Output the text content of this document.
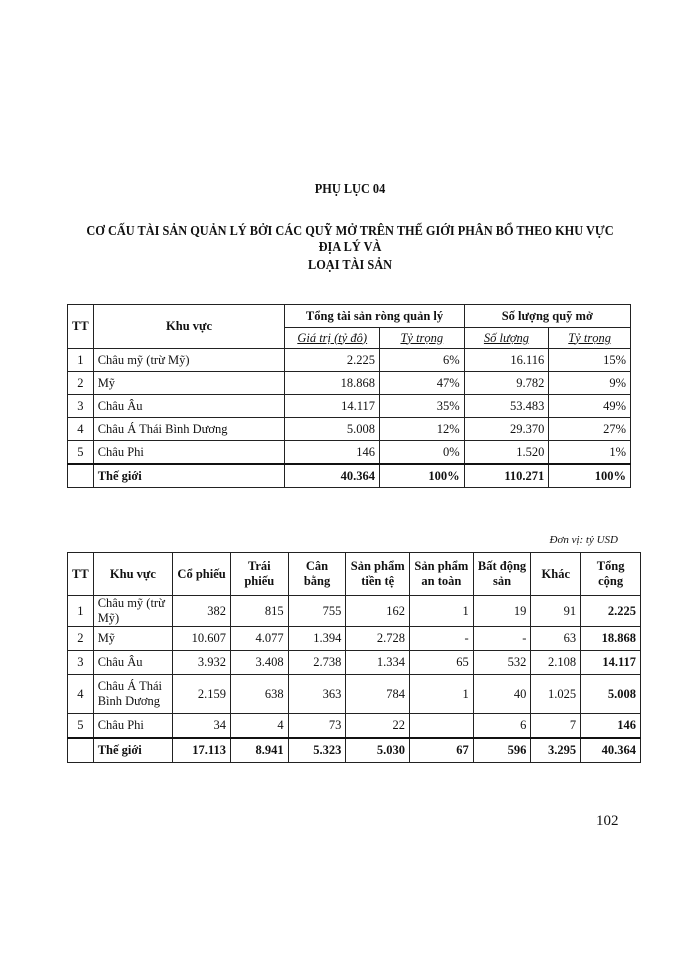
PHỤ LỤC 04
CƠ CẤU TÀI SẢN QUẢN LÝ BỞI CÁC QUỸ MỞ TRÊN THẾ GIỚI PHÂN BỔ THEO KHU VỰC ĐỊA LÝ VÀ
LOẠI TÀI SẢN
TT	Khu vực	Tổng tài sản ròng quản lý		Số lượng quỹ mở	
		Giá trị (tỷ đô)	Tỷ trọng	Số lượng	Tỷ trọng
1	Châu mỹ (trừ Mỹ)	2.225	6%	16.116	15%
2	Mỹ	18.868	47%	9.782	9%
3	Châu Âu	14.117	35%	53.483	49%
4	Châu Á Thái Bình Dương	5.008	12%	29.370	27%
5	Châu Phi	146	0%	1.520	1%
	Thế giới	40.364	100%	110.271	100%
Đơn vị: tỷ USD
TT	Khu vực	Cổ phiếu	Trái phiếu	Cân bằng	Sản phẩm tiền tệ	Sản phẩm an toàn	Bất động sản	Khác	Tổng cộng
1	Châu mỹ (trừ Mỹ)	382	815	755	162	1	19	91	2.225
2	Mỹ	10.607	4.077	1.394	2.728	-	-	63	18.868
3	Châu Âu	3.932	3.408	2.738	1.334	65	532	2.108	14.117
4	Châu Á Thái Bình Dương	2.159	638	363	784	1	40	1.025	5.008
5	Châu Phi	34	4	73	22		6	7	146
	Thế giới	17.113	8.941	5.323	5.030	67	596	3.295	40.364
102
